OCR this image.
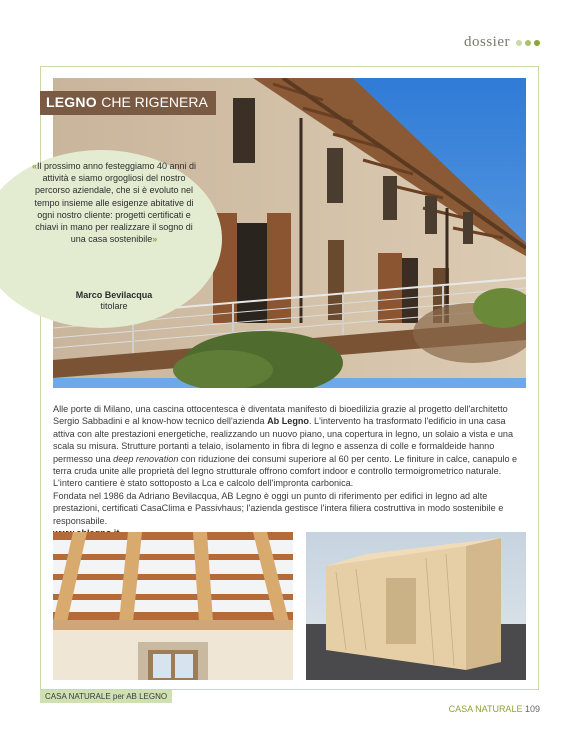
dossier
LEGNO CHE RIGENERA
«Il prossimo anno festeggiamo 40 anni di attività e siamo orgogliosi del nostro percorso aziendale, che si è evoluto nel tempo insieme alle esigenze abitative di ogni nostro cliente: progetti certificati e chiavi in mano per realizzare il sogno di una casa sostenibile»
Marco Bevilacqua
titolare

Alle porte di Milano, una cascina ottocentesca è diventata manifesto di bioedilizia grazie al progetto dell'architetto Sergio Sabbadini e al know-how tecnico dell'azienda Ab Legno. L'intervento ha trasformato l'edificio in una casa attiva con alte prestazioni energetiche, realizzando un nuovo piano, una copertura in legno, un solaio a vista e una scala su misura. Strutture portanti a telaio, isolamento in fibra di legno e assenza di colle e formaldeide hanno permesso una deep renovation con riduzione dei consumi superiore al 60 per cento. Le finiture in calce, canapulo e terra cruda unite alle proprietà del legno strutturale offrono comfort indoor e controllo termoigrometrico naturale. L'intero cantiere è stato sottoposto a Lca e calcolo dell'impronta carbonica.

Fondata nel 1986 da Adriano Bevilacqua, AB Legno è oggi un punto di riferimento per edifici in legno ad alte prestazioni, certificati CasaClima e Passivhaus; l'azienda gestisce l'intera filiera costruttiva in modo sostenibile e responsabile.

CASA NATURALE per AB LEGNO
CASA NATURALE 109
